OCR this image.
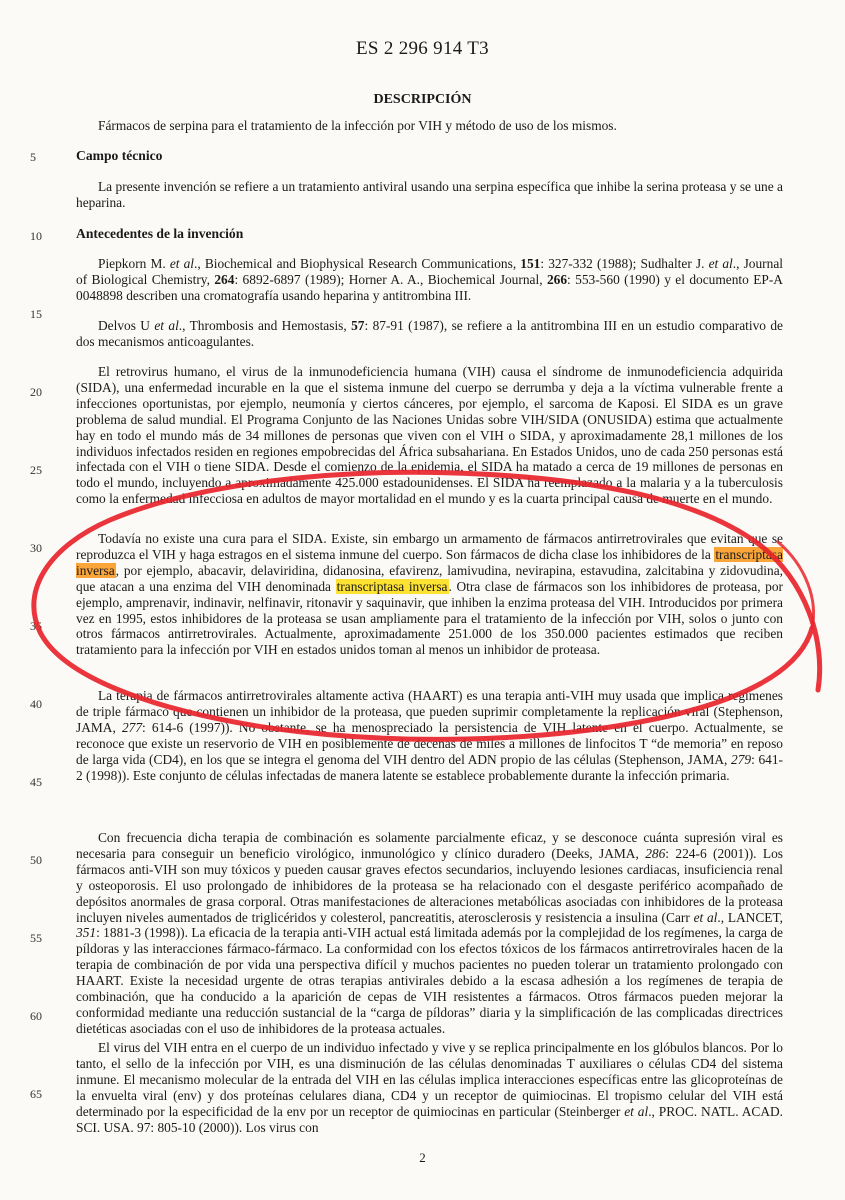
ES 2 296 914 T3
DESCRIPCIÓN
Fármacos de serpina para el tratamiento de la infección por VIH y método de uso de los mismos.
Campo técnico
La presente invención se refiere a un tratamiento antiviral usando una serpina específica que inhibe la serina proteasa y se une a heparina.
Antecedentes de la invención
Piepkorn M. et al., Biochemical and Biophysical Research Communications, 151: 327-332 (1988); Sudhalter J. et al., Journal of Biological Chemistry, 264: 6892-6897 (1989); Horner A. A., Biochemical Journal, 266: 553-560 (1990) y el documento EP-A 0048898 describen una cromatografía usando heparina y antitrombina III.
Delvos U et al., Thrombosis and Hemostasis, 57: 87-91 (1987), se refiere a la antitrombina III en un estudio comparativo de dos mecanismos anticoagulantes.
El retrovirus humano, el virus de la inmunodeficiencia humana (VIH) causa el síndrome de inmunodeficiencia adquirida (SIDA), una enfermedad incurable en la que el sistema inmune del cuerpo se derrumba y deja a la víctima vulnerable frente a infecciones oportunistas, por ejemplo, neumonía y ciertos cánceres, por ejemplo, el sarcoma de Kaposi. El SIDA es un grave problema de salud mundial. El Programa Conjunto de las Naciones Unidas sobre VIH/SIDA (ONUSIDA) estima que actualmente hay en todo el mundo más de 34 millones de personas que viven con el VIH o SIDA, y aproximadamente 28,1 millones de los individuos infectados residen en regiones empobrecidas del África subsahariana. En Estados Unidos, uno de cada 250 personas está infectada con el VIH o tiene SIDA. Desde el comienzo de la epidemia, el SIDA ha matado a cerca de 19 millones de personas en todo el mundo, incluyendo a aproximadamente 425.000 estadounidenses. El SIDA ha reemplazado a la malaria y a la tuberculosis como la enfermedad infecciosa en adultos de mayor mortalidad en el mundo y es la cuarta principal causa de muerte en el mundo.
Todavía no existe una cura para el SIDA. Existe, sin embargo un armamento de fármacos antirretrovirales que evitan que se reproduzca el VIH y haga estragos en el sistema inmune del cuerpo. Son fármacos de dicha clase los inhibidores de la transcriptasa inversa, por ejemplo, abacavir, delaviridina, didanosina, efavirenz, lamivudina, nevirapina, estavudina, zalcitabina y zidovudina, que atacan a una enzima del VIH denominada transcriptasa inversa. Otra clase de fármacos son los inhibidores de proteasa, por ejemplo, amprenavir, indinavir, nelfinavir, ritonavir y saquinavir, que inhiben la enzima proteasa del VIH. Introducidos por primera vez en 1995, estos inhibidores de la proteasa se usan ampliamente para el tratamiento de la infección por VIH, solos o junto con otros fármacos antirretrovirales. Actualmente, aproximadamente 251.000 de los 350.000 pacientes estimados que reciben tratamiento para la infección por VIH en estados unidos toman al menos un inhibidor de proteasa.
La terapia de fármacos antirretrovirales altamente activa (HAART) es una terapia anti-VIH muy usada que implica regímenes de triple fármaco que contienen un inhibidor de la proteasa, que pueden suprimir completamente la replicación viral (Stephenson, JAMA, 277: 614-6 (1997)). No obstante, se ha menospreciado la persistencia de VIH latente en el cuerpo. Actualmente, se reconoce que existe un reservorio de VIH en posiblemente de decenas de miles a millones de linfocitos T “de memoria” en reposo de larga vida (CD4), en los que se integra el genoma del VIH dentro del ADN propio de las células (Stephenson, JAMA, 279: 641-2 (1998)). Este conjunto de células infectadas de manera latente se establece probablemente durante la infección primaria.
Con frecuencia dicha terapia de combinación es solamente parcialmente eficaz, y se desconoce cuánta supresión viral es necesaria para conseguir un beneficio virológico, inmunológico y clínico duradero (Deeks, JAMA, 286: 224-6 (2001)). Los fármacos anti-VIH son muy tóxicos y pueden causar graves efectos secundarios, incluyendo lesiones cardiacas, insuficiencia renal y osteoporosis. El uso prolongado de inhibidores de la proteasa se ha relacionado con el desgaste periférico acompañado de depósitos anormales de grasa corporal. Otras manifestaciones de alteraciones metabólicas asociadas con inhibidores de la proteasa incluyen niveles aumentados de triglicéridos y colesterol, pancreatitis, aterosclerosis y resistencia a insulina (Carr et al., LANCET, 351: 1881-3 (1998)). La eficacia de la terapia anti-VIH actual está limitada además por la complejidad de los regímenes, la carga de píldoras y las interacciones fármaco-fármaco. La conformidad con los efectos tóxicos de los fármacos antirretrovirales hacen de la terapia de combinación de por vida una perspectiva difícil y muchos pacientes no pueden tolerar un tratamiento prolongado con HAART. Existe la necesidad urgente de otras terapias antivirales debido a la escasa adhesión a los regímenes de terapia de combinación, que ha conducido a la aparición de cepas de VIH resistentes a fármacos. Otros fármacos pueden mejorar la conformidad mediante una reducción sustancial de la “carga de píldoras” diaria y la simplificación de las complicadas directrices dietéticas asociadas con el uso de inhibidores de la proteasa actuales.
El virus del VIH entra en el cuerpo de un individuo infectado y vive y se replica principalmente en los glóbulos blancos. Por lo tanto, el sello de la infección por VIH, es una disminución de las células denominadas T auxiliares o células CD4 del sistema inmune. El mecanismo molecular de la entrada del VIH en las células implica interacciones específicas entre las glicoproteínas de la envuelta viral (env) y dos proteínas celulares diana, CD4 y un receptor de quimiocinas. El tropismo celular del VIH está determinado por la especificidad de la env por un receptor de quimiocinas en particular (Steinberger et al., PROC. NATL. ACAD. SCI. USA. 97: 805-10 (2000)). Los virus con
5
10
15
20
25
30
35
40
45
50
55
60
65
2
